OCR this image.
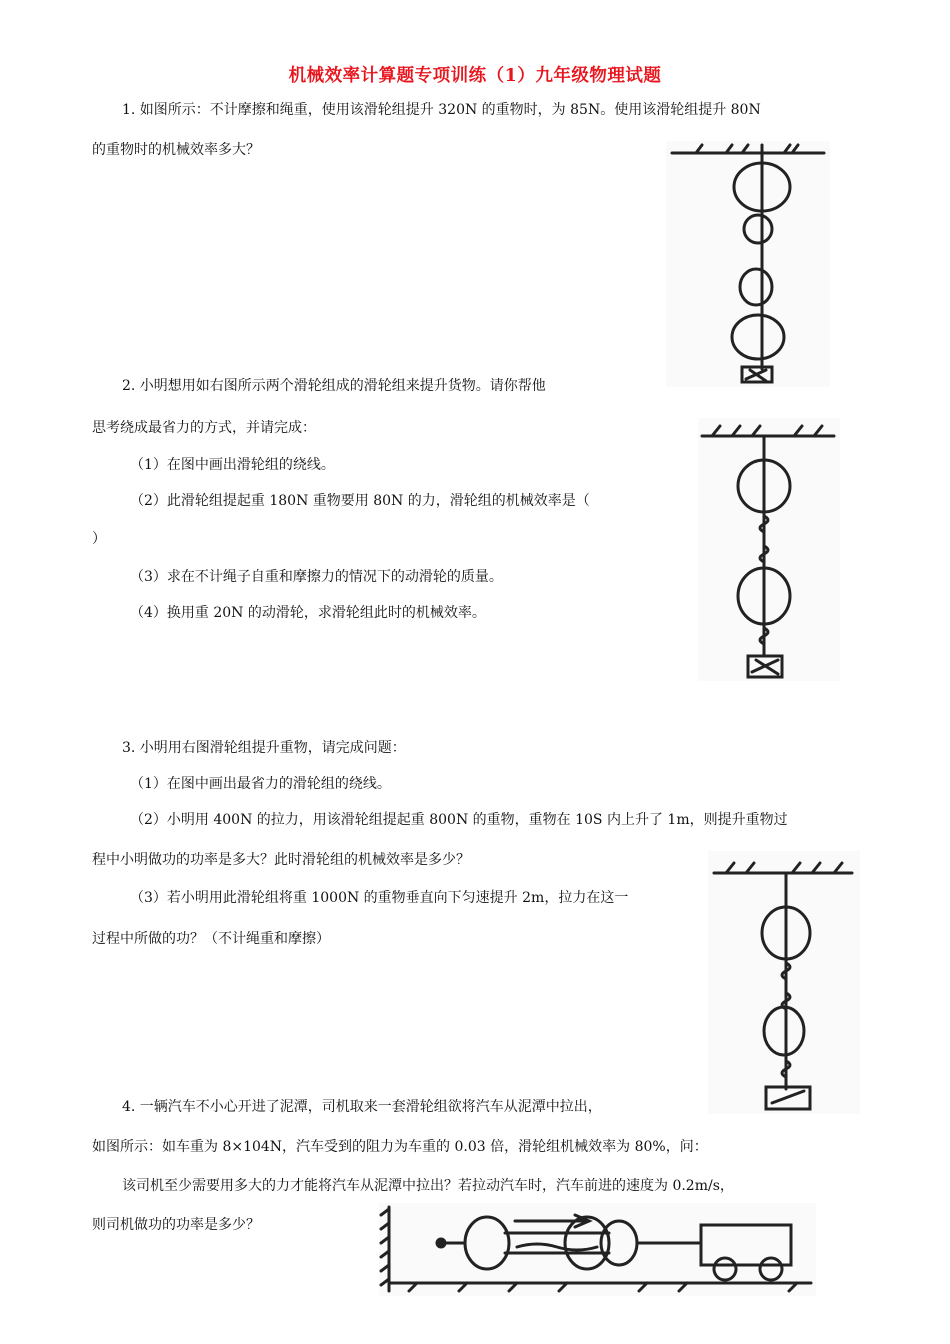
机械效率计算题专项训练（1）九年级物理试题
1. 如图所示：不计摩擦和绳重，使用该滑轮组提升 320N 的重物时，为 85N。使用该滑轮组提升 80N
的重物时的机械效率多大？
2. 小明想用如右图所示两个滑轮组成的滑轮组来提升货物。请你帮他
思考绕成最省力的方式，并请完成：
（1）在图中画出滑轮组的绕线。
（2）此滑轮组提起重 180N 重物要用 80N 的力，滑轮组的机械效率是（
）
（3）求在不计绳子自重和摩擦力的情况下的动滑轮的质量。
（4）换用重 20N 的动滑轮，求滑轮组此时的机械效率。
3. 小明用右图滑轮组提升重物，请完成问题：
（1）在图中画出最省力的滑轮组的绕线。
（2）小明用 400N 的拉力，用该滑轮组提起重 800N 的重物，重物在 10S 内上升了 1m，则提升重物过
程中小明做功的功率是多大？此时滑轮组的机械效率是多少？
（3）若小明用此滑轮组将重 1000N 的重物垂直向下匀速提升 2m，拉力在这一
过程中所做的功？（不计绳重和摩擦）
4. 一辆汽车不小心开进了泥潭，司机取来一套滑轮组欲将汽车从泥潭中拉出，
如图所示：如车重为 8×104N，汽车受到的阻力为车重的 0.03 倍，滑轮组机械效率为 80%，问：
该司机至少需要用多大的力才能将汽车从泥潭中拉出？若拉动汽车时，汽车前进的速度为 0.2m/s，
则司机做功的功率是多少？
